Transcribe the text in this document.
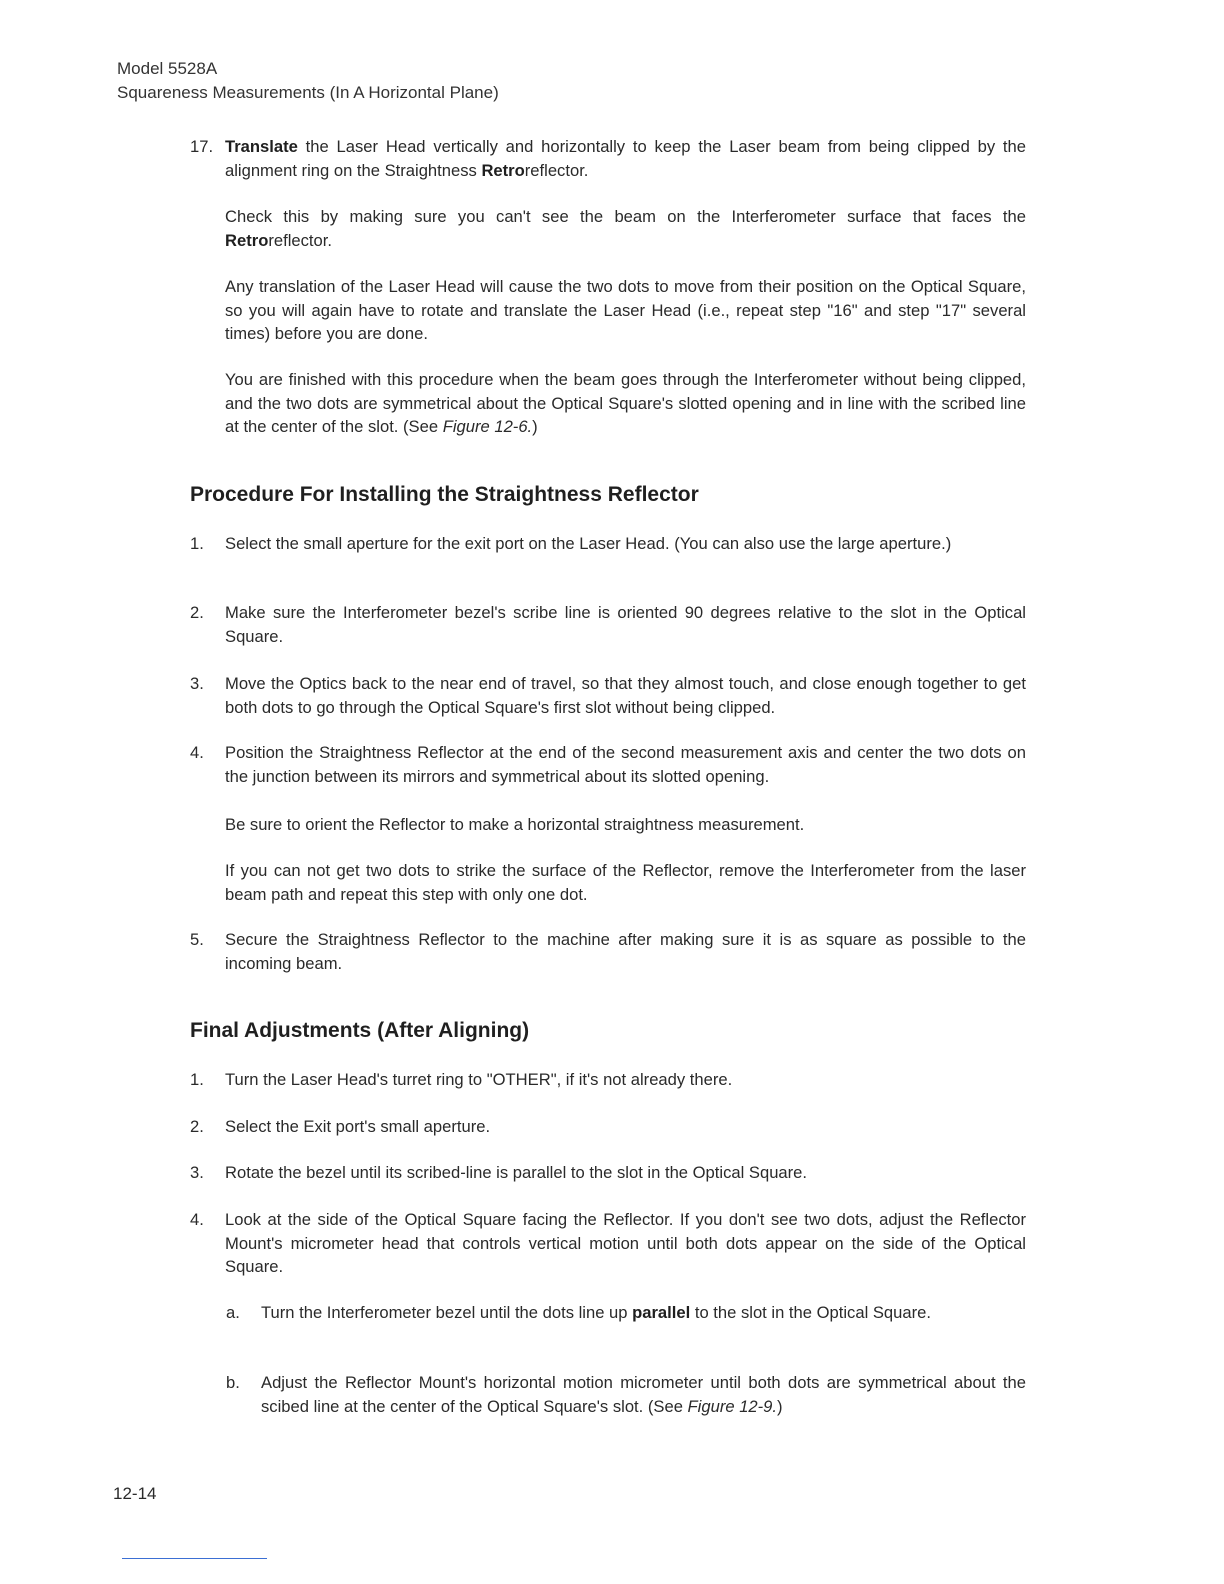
Model 5528A
Squareness Measurements (In A Horizontal Plane)
17. Translate the Laser Head vertically and horizontally to keep the Laser beam from being clipped by the alignment ring on the Straightness Retroreflector.
Check this by making sure you can't see the beam on the Interferometer surface that faces the Retroreflector.
Any translation of the Laser Head will cause the two dots to move from their position on the Optical Square, so you will again have to rotate and translate the Laser Head (i.e., repeat step "16" and step "17" several times) before you are done.
You are finished with this procedure when the beam goes through the Interferometer without being clipped, and the two dots are symmetrical about the Optical Square's slotted opening and in line with the scribed line at the center of the slot. (See Figure 12-6.)
Procedure For Installing the Straightness Reflector
1.	Select the small aperture for the exit port on the Laser Head. (You can also use the large aperture.)
2.	Make sure the Interferometer bezel's scribe line is oriented 90 degrees relative to the slot in the Optical Square.
3.	Move the Optics back to the near end of travel, so that they almost touch, and close enough together to get both dots to go through the Optical Square's first slot without being clipped.
4.	Position the Straightness Reflector at the end of the second measurement axis and center the two dots on the junction between its mirrors and symmetrical about its slotted opening.
Be sure to orient the Reflector to make a horizontal straightness measurement.
If you can not get two dots to strike the surface of the Reflector, remove the Interferometer from the laser beam path and repeat this step with only one dot.
5.	Secure the Straightness Reflector to the machine after making sure it is as square as possible to the incoming beam.
Final Adjustments (After Aligning)
1.	Turn the Laser Head's turret ring to "OTHER", if it's not already there.
2.	Select the Exit port's small aperture.
3.	Rotate the bezel until its scribed-line is parallel to the slot in the Optical Square.
4.	Look at the side of the Optical Square facing the Reflector. If you don't see two dots, adjust the Reflector Mount's micrometer head that controls vertical motion until both dots appear on the side of the Optical Square.
a.	Turn the Interferometer bezel until the dots line up parallel to the slot in the Optical Square.
b.	Adjust the Reflector Mount's horizontal motion micrometer until both dots are symmetrical about the scibed line at the center of the Optical Square's slot. (See Figure 12-9.)
12-14
